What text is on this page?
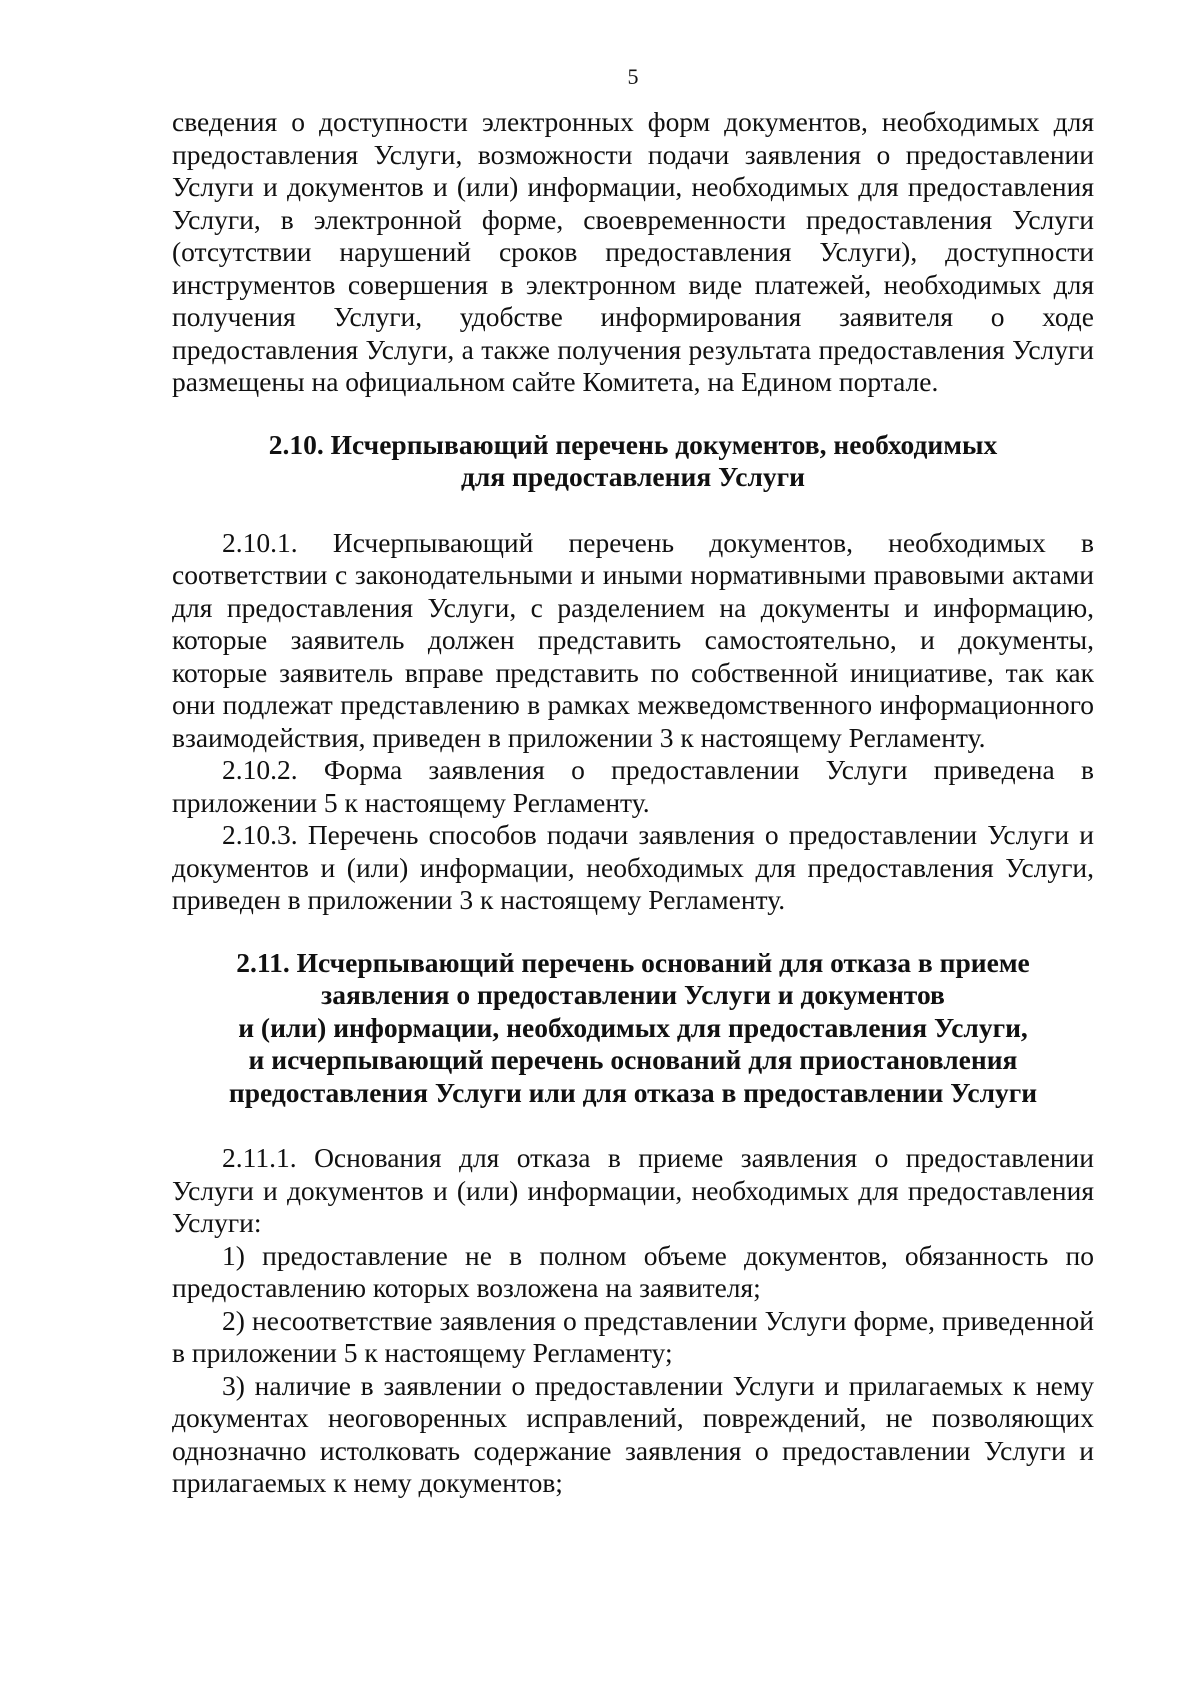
5

сведения о доступности электронных форм документов, необходимых для предоставления Услуги, возможности подачи заявления о предоставлении Услуги и документов и (или) информации, необходимых для предоставления Услуги, в электронной форме, своевременности предоставления Услуги (отсутствии нарушений сроков предоставления Услуги), доступности инструментов совершения в электронном виде платежей, необходимых для получения Услуги, удобстве информирования заявителя о ходе предоставления Услуги, а также получения результата предоставления Услуги размещены на официальном сайте Комитета, на Едином портале.

2.10. Исчерпывающий перечень документов, необходимых
для предоставления Услуги

2.10.1. Исчерпывающий перечень документов, необходимых в соответствии с законодательными и иными нормативными правовыми актами для предоставления Услуги, с разделением на документы и информацию, которые заявитель должен представить самостоятельно, и документы, которые заявитель вправе представить по собственной инициативе, так как они подлежат представлению в рамках межведомственного информационного взаимодействия, приведен в приложении 3 к настоящему Регламенту.

2.10.2. Форма заявления о предоставлении Услуги приведена в приложении 5 к настоящему Регламенту.

2.10.3. Перечень способов подачи заявления о предоставлении Услуги и документов и (или) информации, необходимых для предоставления Услуги, приведен в приложении 3 к настоящему Регламенту.

2.11. Исчерпывающий перечень оснований для отказа в приеме
заявления о предоставлении Услуги и документов
и (или) информации, необходимых для предоставления Услуги,
и исчерпывающий перечень оснований для приостановления
предоставления Услуги или для отказа в предоставлении Услуги

2.11.1. Основания для отказа в приеме заявления о предоставлении Услуги и документов и (или) информации, необходимых для предоставления Услуги:

1) предоставление не в полном объеме документов, обязанность по предоставлению которых возложена на заявителя;

2) несоответствие заявления о представлении Услуги форме, приведенной в приложении 5 к настоящему Регламенту;

3) наличие в заявлении о предоставлении Услуги и прилагаемых к нему документах неоговоренных исправлений, повреждений, не позволяющих однозначно истолковать содержание заявления о предоставлении Услуги и прилагаемых к нему документов;
